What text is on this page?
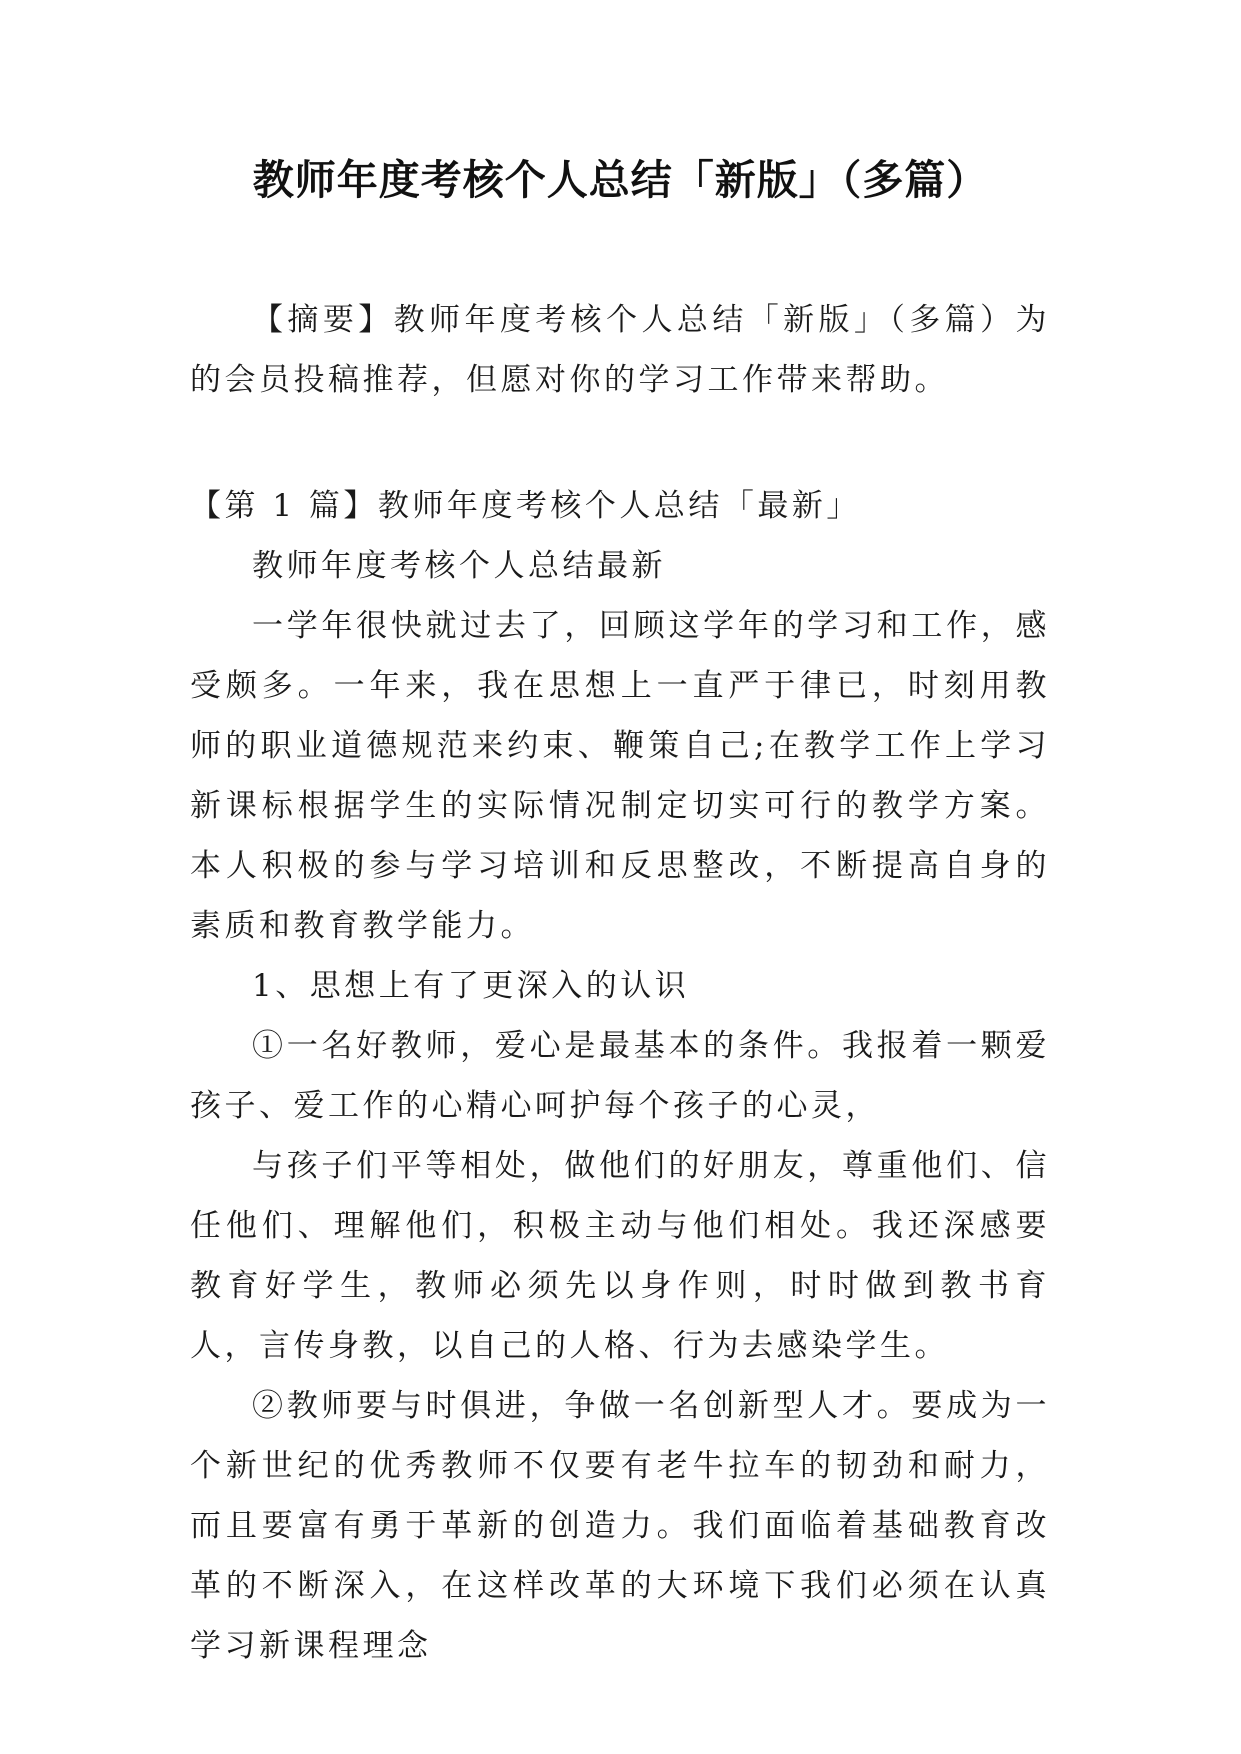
教师年度考核个人总结「新版」（多篇）

【摘要】教师年度考核个人总结「新版」（多篇）为的会员投稿推荐，但愿对你的学习工作带来帮助。

【第 1 篇】教师年度考核个人总结「最新」

教师年度考核个人总结最新

一学年很快就过去了，回顾这学年的学习和工作，感受颇多。一年来，我在思想上一直严于律已，时刻用教师的职业道德规范来约束、鞭策自己;在教学工作上学习新课标根据学生的实际情况制定切实可行的教学方案。本人积极的参与学习培训和反思整改，不断提高自身的素质和教育教学能力。

1、思想上有了更深入的认识

①一名好教师，爱心是最基本的条件。我报着一颗爱孩子、爱工作的心精心呵护每个孩子的心灵，

与孩子们平等相处，做他们的好朋友，尊重他们、信任他们、理解他们，积极主动与他们相处。我还深感要教育好学生，教师必须先以身作则，时时做到教书育人，言传身教，以自己的人格、行为去感染学生。

②教师要与时俱进，争做一名创新型人才。要成为一个新世纪的优秀教师不仅要有老牛拉车的韧劲和耐力，而且要富有勇于革新的创造力。我们面临着基础教育改革的不断深入，在这样改革的大环境下我们必须在认真学习新课程理念
